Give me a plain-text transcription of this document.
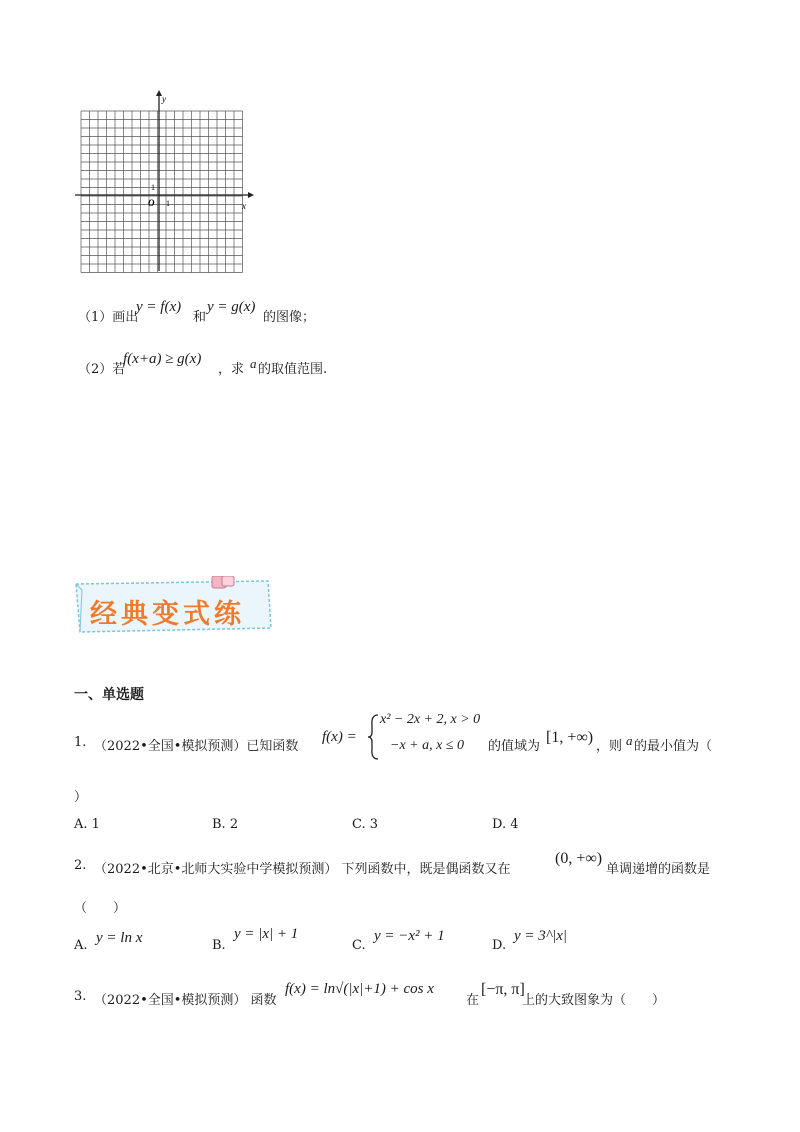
y
x
O 1
1
（1）画出
y = f(x)
和
y = g(x)
的图像；
（2）若
f(x+a) ≥ g(x)
，求 a 的取值范围.
经典变式练
一、单选题
1. （2022•全国•模拟预测）已知函数
f(x) =
x² − 2x + 2, x > 0
−x + a, x ≤ 0 的值域为
[1, +∞)
，则 a 的最小值为（
）
A. 1	B. 2	C. 3	D. 4
2. （2022•北京•北师大实验中学模拟预测） 下列函数中，既是偶函数又在
(0, +∞)
单调递增的函数是
（　　）
A. y = ln x	B.
y = |x| + 1
C.
y = −x² + 1
D.
y = 3^|x|
3. （2022•全国•模拟预测） 函数
f(x) = ln√(|x|+1) + cos x
在
[−π, π]
上的大致图象为（　　）
